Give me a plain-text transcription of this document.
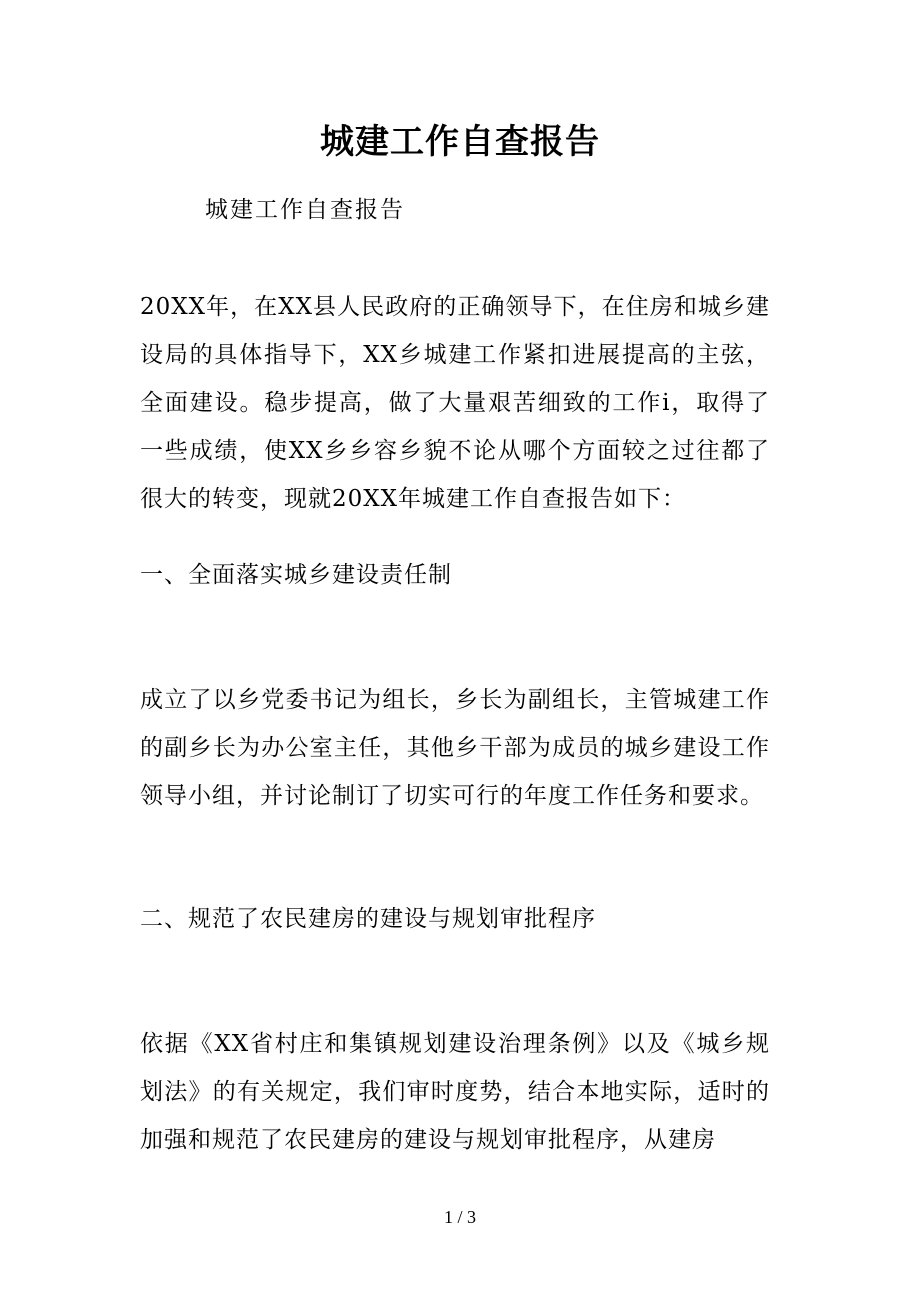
城建工作自查报告
城建工作自查报告

20XX年，在XX县人民政府的正确领导下，在住房和城乡建设局的具体指导下，XX乡城建工作紧扣进展提高的主弦，全面建设。稳步提高，做了大量艰苦细致的工作i，取得了一些成绩，使XX乡乡容乡貌不论从哪个方面较之过往都了很大的转变，现就20XX年城建工作自查报告如下：

一、全面落实城乡建设责任制

成立了以乡党委书记为组长，乡长为副组长，主管城建工作的副乡长为办公室主任，其他乡干部为成员的城乡建设工作领导小组，并讨论制订了切实可行的年度工作任务和要求。

二、规范了农民建房的建设与规划审批程序

依据《XX省村庄和集镇规划建设治理条例》以及《城乡规划法》的有关规定，我们审时度势，结合本地实际，适时的加强和规范了农民建房的建设与规划审批程序，从建房

1 / 3
